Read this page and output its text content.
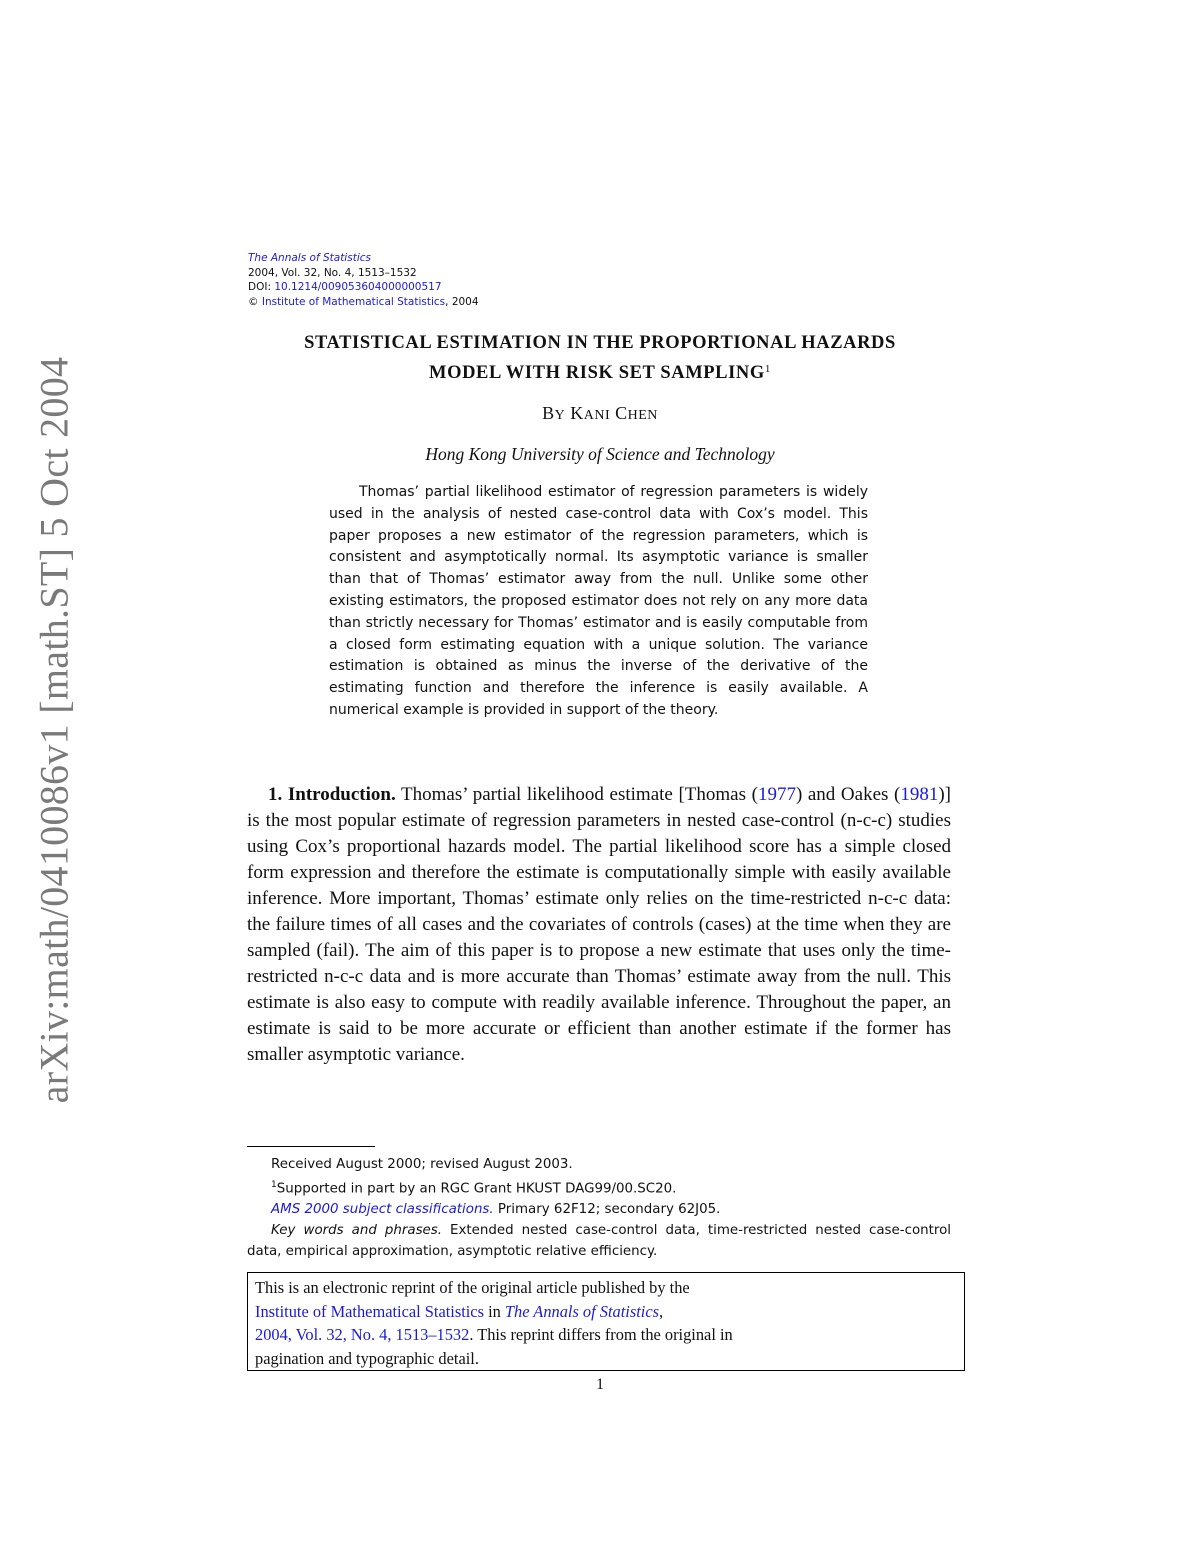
arXiv:math/0410086v1 [math.ST] 5 Oct 2004
The Annals of Statistics
2004, Vol. 32, No. 4, 1513–1532
DOI: 10.1214/009053604000000517
© Institute of Mathematical Statistics, 2004
STATISTICAL ESTIMATION IN THE PROPORTIONAL HAZARDS
MODEL WITH RISK SET SAMPLING$^1$
BY KANI CHEN
Hong Kong University of Science and Technology
Thomas’ partial likelihood estimator of regression parameters is widely used in the analysis of nested case-control data with Cox’s model. This paper proposes a new estimator of the regression parameters, which is consistent and asymptotically normal. Its asymptotic variance is smaller than that of Thomas’ estimator away from the null. Unlike some other existing estimators, the proposed estimator does not rely on any more data than strictly necessary for Thomas’ estimator and is easily computable from a closed form estimating equation with a unique solution. The variance estimation is obtained as minus the inverse of the derivative of the estimating function and therefore the inference is easily available. A numerical example is provided in support of the theory.
1. Introduction. Thomas’ partial likelihood estimate [Thomas (1977) and Oakes (1981)] is the most popular estimate of regression parameters in nested case-control (n-c-c) studies using Cox’s proportional hazards model. The partial likelihood score has a simple closed form expression and therefore the estimate is computationally simple with easily available inference. More important, Thomas’ estimate only relies on the time-restricted n-c-c data: the failure times of all cases and the covariates of controls (cases) at the time when they are sampled (fail). The aim of this paper is to propose a new estimate that uses only the time-restricted n-c-c data and is more accurate than Thomas’ estimate away from the null. This estimate is also easy to compute with readily available inference. Throughout the paper, an estimate is said to be more accurate or efficient than another estimate if the former has smaller asymptotic variance.

Received August 2000; revised August 2003.

$^1$Supported in part by an RGC Grant HKUST DAG99/00.SC20.

AMS 2000 subject classifications. Primary 62F12; secondary 62J05.

Key words and phrases. Extended nested case-control data, time-restricted nested case-control data, empirical approximation, asymptotic relative efficiency.

This is an electronic reprint of the original article published by the
Institute of Mathematical Statistics in The Annals of Statistics,
2004, Vol. 32, No. 4, 1513–1532. This reprint differs from the original in
pagination and typographic detail.
1
